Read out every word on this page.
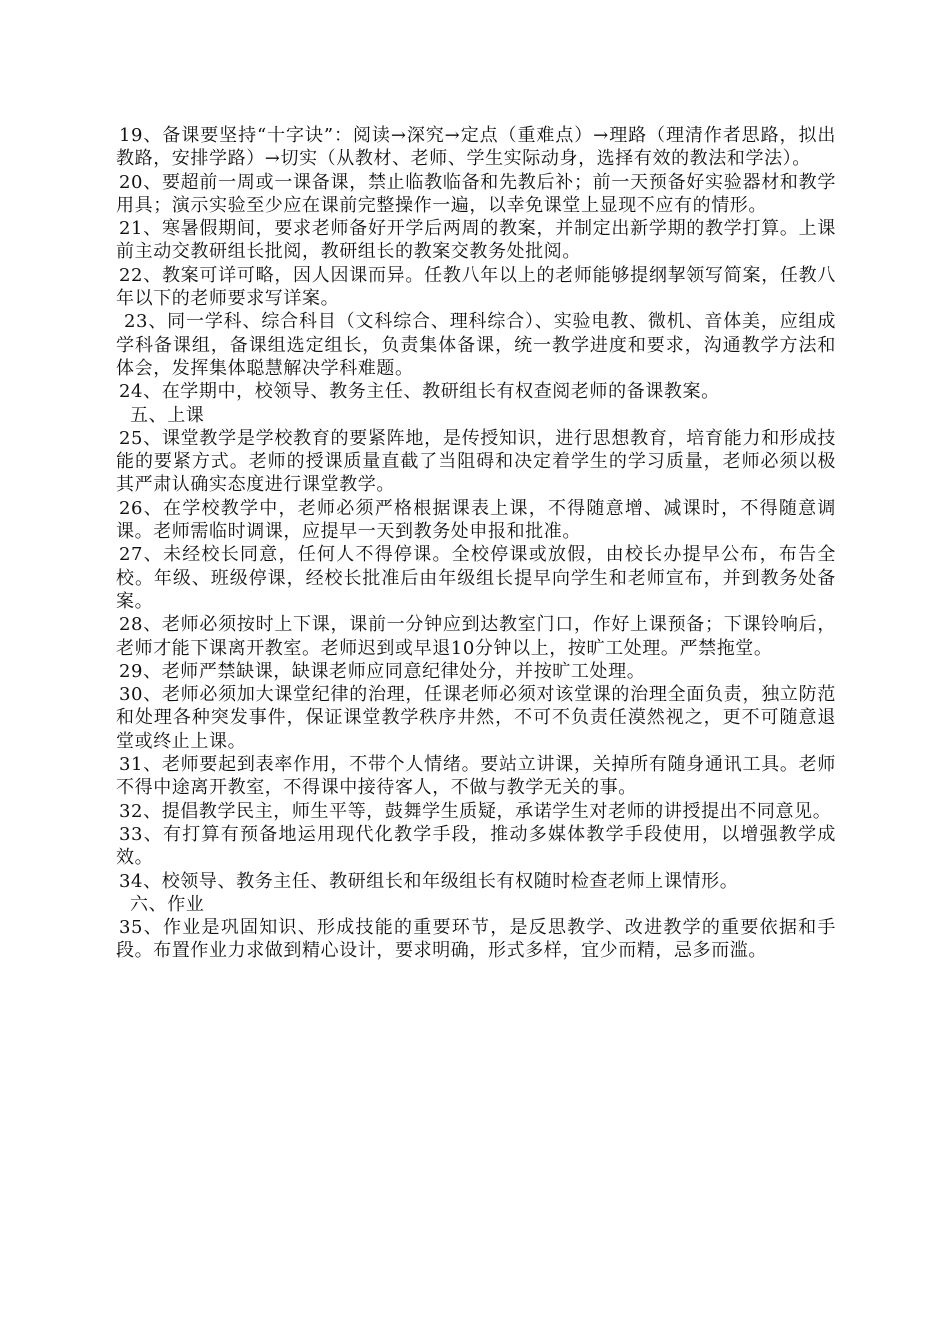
19、备课要坚持“十字诀”：阅读→深究→定点（重难点）→理路（理清作者思路，拟出教路，安排学路）→切实（从教材、老师、学生实际动身，选择有效的教法和学法）。

20、要超前一周或一课备课，禁止临教临备和先教后补；前一天预备好实验器材和教学用具；演示实验至少应在课前完整操作一遍，以幸免课堂上显现不应有的情形。

21、寒暑假期间，要求老师备好开学后两周的教案，并制定出新学期的教学打算。上课前主动交教研组长批阅，教研组长的教案交教务处批阅。

22、教案可详可略，因人因课而异。任教八年以上的老师能够提纲挈领写简案，任教八年以下的老师要求写详案。

23、同一学科、综合科目（文科综合、理科综合）、实验电教、微机、音体美，应组成学科备课组，备课组选定组长，负责集体备课，统一教学进度和要求，沟通教学方法和体会，发挥集体聪慧解决学科难题。

24、在学期中，校领导、教务主任、教研组长有权查阅老师的备课教案。

五、上课

25、课堂教学是学校教育的要紧阵地，是传授知识，进行思想教育，培育能力和形成技能的要紧方式。老师的授课质量直截了当阻碍和决定着学生的学习质量，老师必须以极其严肃认确实态度进行课堂教学。

26、在学校教学中，老师必须严格根据课表上课，不得随意增、减课时，不得随意调课。老师需临时调课，应提早一天到教务处申报和批准。

27、未经校长同意，任何人不得停课。全校停课或放假，由校长办提早公布，布告全校。年级、班级停课，经校长批准后由年级组长提早向学生和老师宣布，并到教务处备案。

28、老师必须按时上下课，课前一分钟应到达教室门口，作好上课预备；下课铃响后，老师才能下课离开教室。老师迟到或早退10分钟以上，按旷工处理。严禁拖堂。

29、老师严禁缺课，缺课老师应同意纪律处分，并按旷工处理。

30、老师必须加大课堂纪律的治理，任课老师必须对该堂课的治理全面负责，独立防范和处理各种突发事件，保证课堂教学秩序井然，不可不负责任漠然视之，更不可随意退堂或终止上课。

31、老师要起到表率作用，不带个人情绪。要站立讲课，关掉所有随身通讯工具。老师不得中途离开教室，不得课中接待客人，不做与教学无关的事。

32、提倡教学民主，师生平等，鼓舞学生质疑，承诺学生对老师的讲授提出不同意见。

33、有打算有预备地运用现代化教学手段，推动多媒体教学手段使用，以增强教学成效。

34、校领导、教务主任、教研组长和年级组长有权随时检查老师上课情形。

六、作业

35、作业是巩固知识、形成技能的重要环节，是反思教学、改进教学的重要依据和手段。布置作业力求做到精心设计，要求明确，形式多样，宜少而精，忌多而滥。
